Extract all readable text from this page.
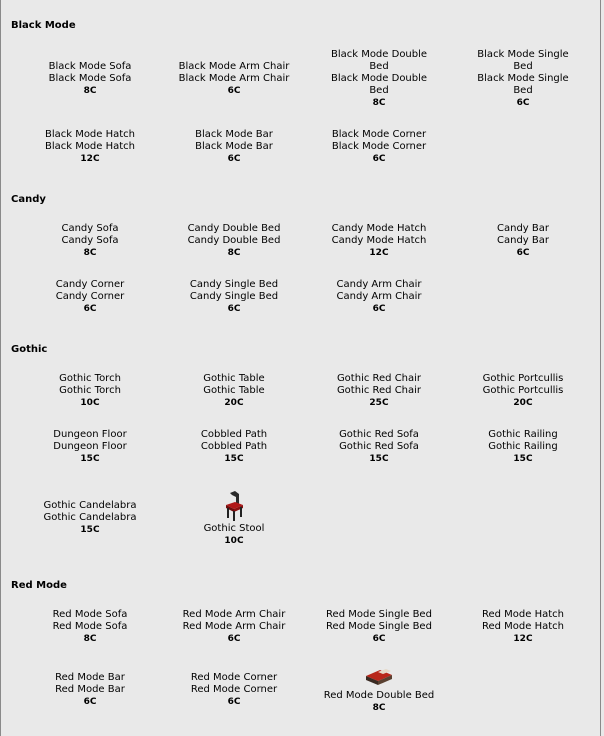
Black Mode
Black Mode Sofa
Black Mode Sofa
8C
Black Mode Arm Chair
Black Mode Arm Chair
6C
Black Mode Double Bed
Black Mode Double Bed
8C
Black Mode Single Bed
Black Mode Single Bed
6C
Black Mode Hatch
Black Mode Hatch
12C
Black Mode Bar
Black Mode Bar
6C
Black Mode Corner
Black Mode Corner
6C
Candy
Candy Sofa
Candy Sofa
8C
Candy Double Bed
Candy Double Bed
8C
Candy Mode Hatch
Candy Mode Hatch
12C
Candy Bar
Candy Bar
6C
Candy Corner
Candy Corner
6C
Candy Single Bed
Candy Single Bed
6C
Candy Arm Chair
Candy Arm Chair
6C
Gothic
Gothic Torch
Gothic Torch
10C
Gothic Table
Gothic Table
20C
Gothic Red Chair
Gothic Red Chair
25C
Gothic Portcullis
Gothic Portcullis
20C
Dungeon Floor
Dungeon Floor
15C
Cobbled Path
Cobbled Path
15C
Gothic Red Sofa
Gothic Red Sofa
15C
Gothic Railing
Gothic Railing
15C
Gothic Candelabra
Gothic Candelabra
15C	Gothic Stool
10C
Red Mode
Red Mode Sofa
Red Mode Sofa
8C
Red Mode Arm Chair
Red Mode Arm Chair
6C
Red Mode Single Bed
Red Mode Single Bed
6C
Red Mode Hatch
Red Mode Hatch
12C
Red Mode Bar
Red Mode Bar
6C
Red Mode Corner
Red Mode Corner
6C
Red Mode Double Bed
8C
